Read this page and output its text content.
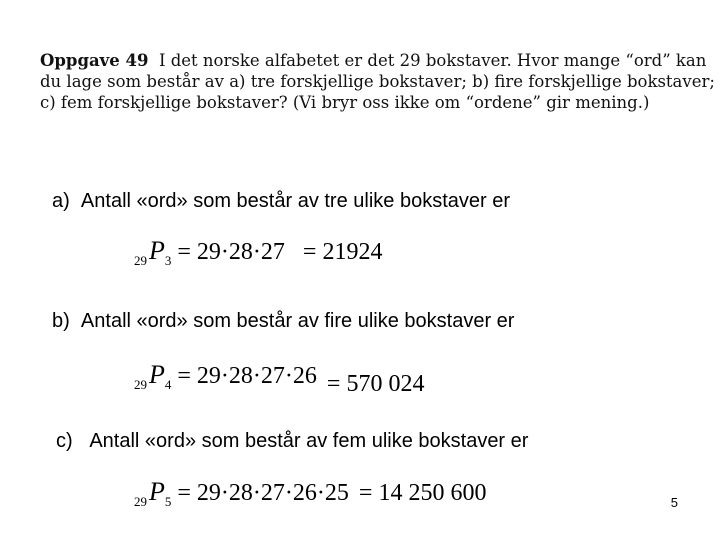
Oppgave 49 I det norske alfabetet er det 29 bokstaver. Hvor mange “ord” kan
du lage som består av a) tre forskjellige bokstaver; b) fire forskjellige bokstaver;
c) fem forskjellige bokstaver? (Vi bryr oss ikke om “ordene” gir mening.)
a) Antall «ord» som består av tre ulike bokstaver er
$_{29}P_3 = 29\cdot 28\cdot 27 = 21924$
b) Antall «ord» som består av fire ulike bokstaver er
$_{29}P_4 = 29\cdot 28\cdot 27\cdot 26 = 570$ 024
c) Antall «ord» som består av fem ulike bokstaver er
$_{29}P_5 = 29\cdot 28\cdot 27\cdot 26\cdot 25 = 14$ 250 600	5
